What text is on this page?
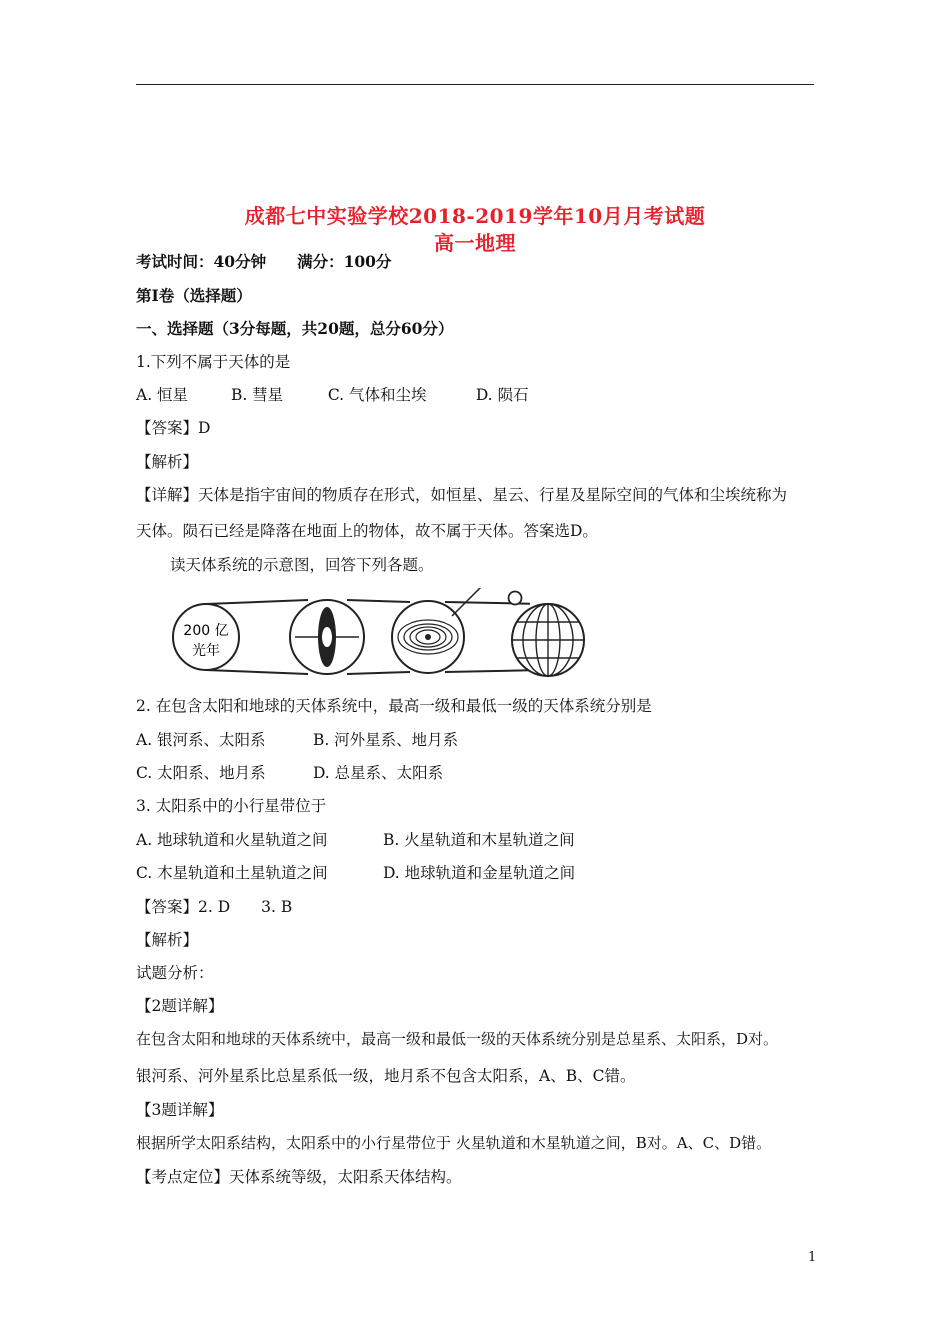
成都七中实验学校2018-2019学年10月月考试题
高一地理
考试时间：40分钟　　满分：100分
第Ⅰ卷（选择题）
一、选择题（3分每题，共20题，总分60分）
1.下列不属于天体的是
A. 恒星	B. 彗星	C. 气体和尘埃	D. 陨石
【答案】D
【解析】
【详解】天体是指宇宙间的物质存在形式，如恒星、星云、行星及星际空间的气体和尘埃统称为
天体。陨石已经是降落在地面上的物体，故不属于天体。答案选D。
读天体系统的示意图，回答下列各题。
200 亿
光年
2. 在包含太阳和地球的天体系统中，最高一级和最低一级的天体系统分别是
A. 银河系、太阳系	B. 河外星系、地月系
C. 太阳系、地月系	D. 总星系、太阳系
3. 太阳系中的小行星带位于
A. 地球轨道和火星轨道之间	B. 火星轨道和木星轨道之间
C. 木星轨道和土星轨道之间	D. 地球轨道和金星轨道之间
【答案】2. D　　3. B
【解析】
试题分析：
【2题详解】
在包含太阳和地球的天体系统中，最高一级和最低一级的天体系统分别是总星系、太阳系，D对。
银河系、河外星系比总星系低一级，地月系不包含太阳系，A、B、C错。
【3题详解】
根据所学太阳系结构，太阳系中的小行星带位于 火星轨道和木星轨道之间，B对。A、C、D错。
【考点定位】天体系统等级，太阳系天体结构。
1
